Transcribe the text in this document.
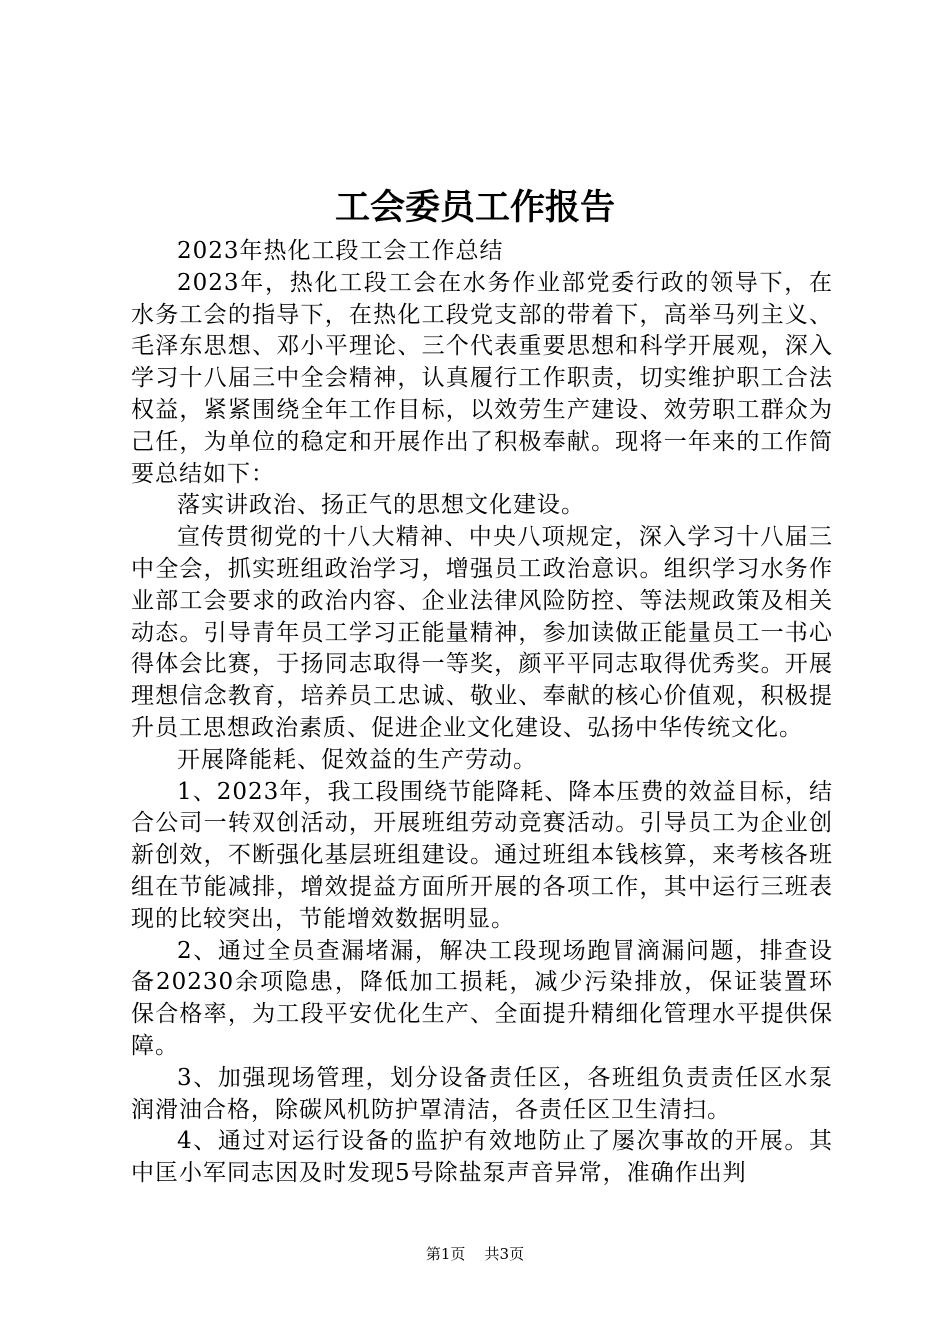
工会委员工作报告

2023年热化工段工会工作总结

2023年，热化工段工会在水务作业部党委行政的领导下，在水务工会的指导下，在热化工段党支部的带着下，高举马列主义、毛泽东思想、邓小平理论、三个代表重要思想和科学开展观，深入学习十八届三中全会精神，认真履行工作职责，切实维护职工合法权益，紧紧围绕全年工作目标，以效劳生产建设、效劳职工群众为己任，为单位的稳定和开展作出了积极奉献。现将一年来的工作简要总结如下：

落实讲政治、扬正气的思想文化建设。

宣传贯彻党的十八大精神、中央八项规定，深入学习十八届三中全会，抓实班组政治学习，增强员工政治意识。组织学习水务作业部工会要求的政治内容、企业法律风险防控、等法规政策及相关动态。引导青年员工学习正能量精神，参加读做正能量员工一书心得体会比赛，于扬同志取得一等奖，颜平平同志取得优秀奖。开展理想信念教育，培养员工忠诚、敬业、奉献的核心价值观，积极提升员工思想政治素质、促进企业文化建设、弘扬中华传统文化。

开展降能耗、促效益的生产劳动。

1、2023年，我工段围绕节能降耗、降本压费的效益目标，结合公司一转双创活动，开展班组劳动竞赛活动。引导员工为企业创新创效，不断强化基层班组建设。通过班组本钱核算，来考核各班组在节能减排，增效提益方面所开展的各项工作，其中运行三班表现的比较突出，节能增效数据明显。

2、通过全员查漏堵漏，解决工段现场跑冒滴漏问题，排查设备20230余项隐患，降低加工损耗，减少污染排放，保证装置环保合格率，为工段平安优化生产、全面提升精细化管理水平提供保障。

3、加强现场管理，划分设备责任区，各班组负责责任区水泵润滑油合格，除碳风机防护罩清洁，各责任区卫生清扫。

4、通过对运行设备的监护有效地防止了屡次事故的开展。其中匡小军同志因及时发现5号除盐泵声音异常，准确作出判

第1页 共3页
